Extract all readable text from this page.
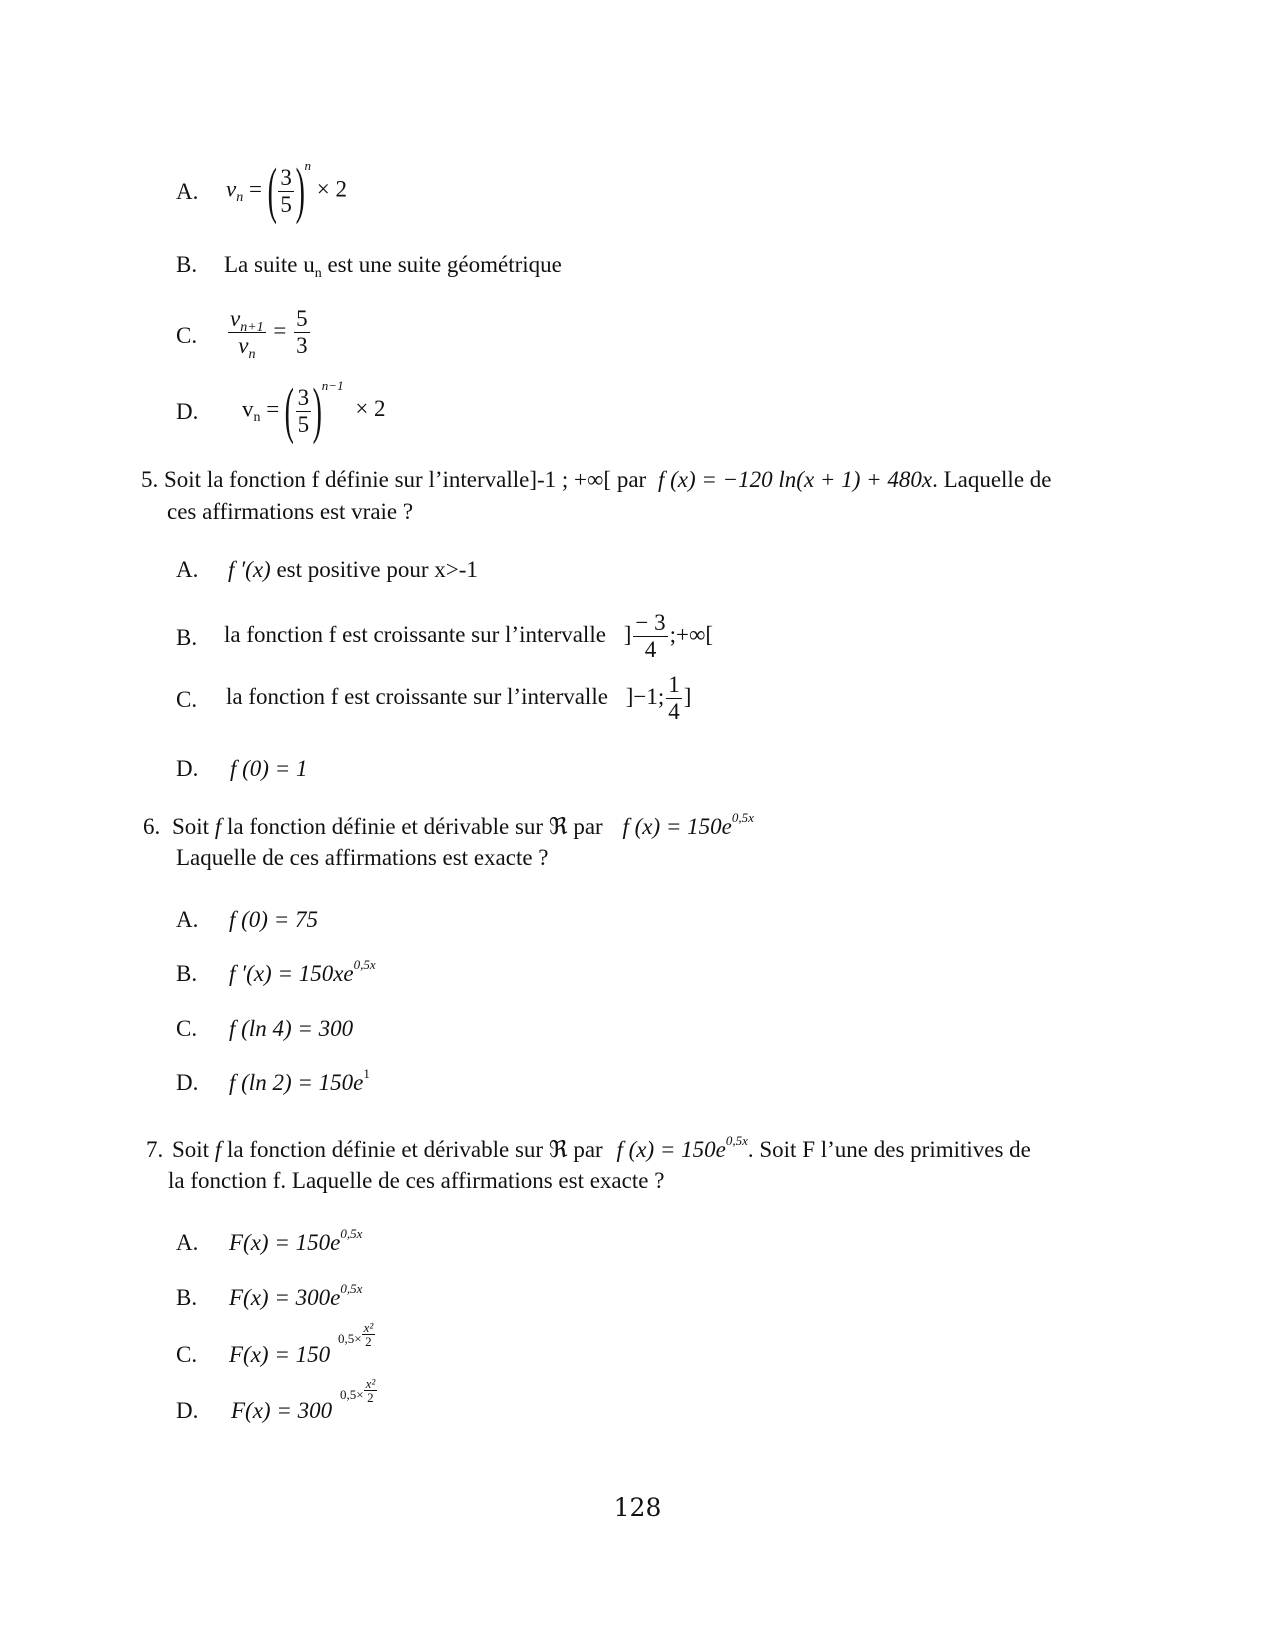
A. $v_n$ = ( $\frac{3}{5} )^n \times 2$
B. La suite $u_n$ est une suite géométrique
C. $\frac{v_{n+1}}{v_n} = \frac{5}{3}$
D. $v_n$ = ( $\frac{3}{5} )^{n-1} \times 2$
5. Soit la fonction f définie sur l’intervalle]-1 ; +∞[ par f (x) = −120 ln(x + 1) + 480x. Laquelle de
ces affirmations est vraie ?
A. f ′(x) est positive pour x>-1
B. la fonction f est croissante sur l’intervalle ] $\frac{- 3}{4}$ ;+∞[
C. la fonction f est croissante sur l’intervalle ]−1; $\frac{1}{4}$ ]
D. f (0) = 1
6. Soit f la fonction définie et dérivable sur ℜ par f $(x) = 150e^{0,5x}$
Laquelle de ces affirmations est exacte ?
A. f (0) = 75
B. f $'(x) = 150xe^{0,5x}$
C. f (ln 4) = 300
D. f (ln $2) = 150e^1$
7. Soit f la fonction définie et dérivable sur ℜ par f $(x) = 150e^{0,5x}$. Soit F l’une des primitives de
la fonction f. Laquelle de ces affirmations est exacte ?
A. $F(x) = 150e^{0,5x}$
B. $F(x) = 300e^{0,5x}$
C. F(x) = 150
$0,5\times \frac{\text{x²}}{2}$
D. F(x) = 300
$0,5\times \frac{\text{x²}}{2}$
128
